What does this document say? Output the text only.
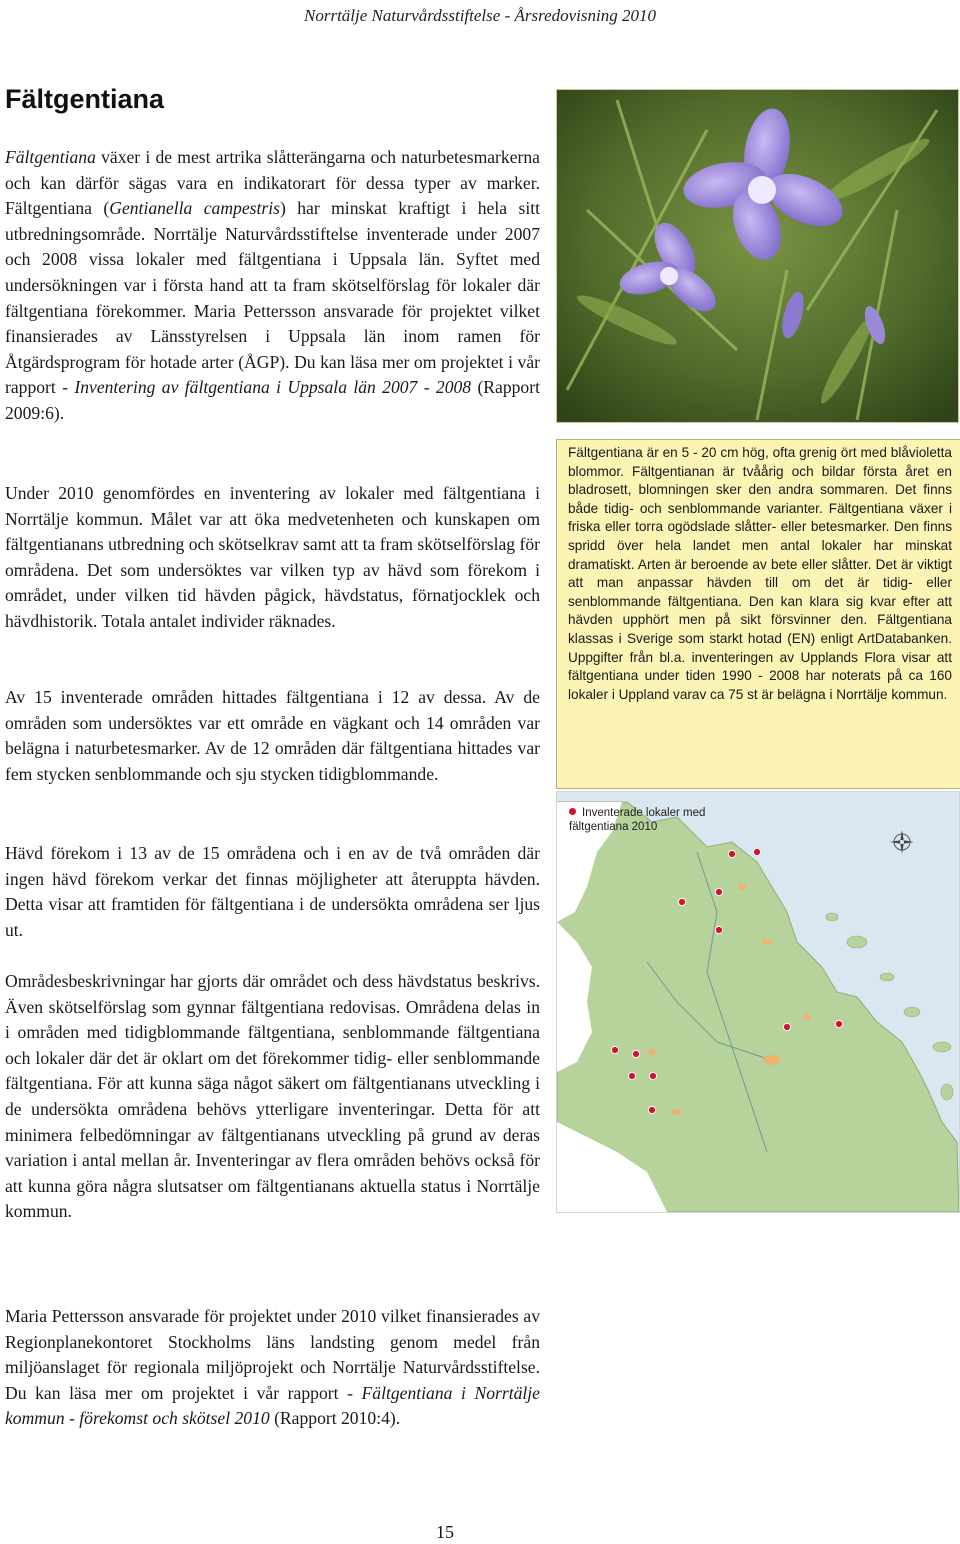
Norrtälje Naturvårdsstiftelse - Årsredovisning 2010
Fältgentiana

Fältgentiana växer i de mest artrika slåtterängarna och naturbetesmarkerna och kan därför sägas vara en indikatorart för dessa typer av marker. Fältgentiana (Gentianella campestris) har minskat kraftigt i hela sitt utbredningsområde. Norrtälje Naturvårdsstiftelse inventerade under 2007 och 2008 vissa lokaler med fältgentiana i Uppsala län. Syftet med undersökningen var i första hand att ta fram skötselförslag för lokaler där fältgentiana förekommer. Maria Pettersson ansvarade för projektet vilket finansierades av Länsstyrelsen i Uppsala län inom ramen för Åtgärdsprogram för hotade arter (ÅGP). Du kan läsa mer om projektet i vår rapport - Inventering av fältgentiana i Uppsala län 2007 - 2008 (Rapport 2009:6).

Under 2010 genomfördes en inventering av lokaler med fältgentiana i Norrtälje kommun. Målet var att öka medvetenheten och kunskapen om fältgentianans utbredning och skötselkrav samt att ta fram skötselförslag för områdena. Det som undersöktes var vilken typ av hävd som förekom i området, under vilken tid hävden pågick, hävdstatus, förnatjocklek och hävdhistorik. Totala antalet individer räknades.

Av 15 inventerade områden hittades fältgentiana i 12 av dessa. Av de områden som undersöktes var ett område en vägkant och 14 områden var belägna i naturbetesmarker. Av de 12 områden där fältgentiana hittades var fem stycken senblommande och sju stycken tidigblommande.

Hävd förekom i 13 av de 15 områdena och i en av de två områden där ingen hävd förekom verkar det finnas möjligheter att återuppta hävden. Detta visar att framtiden för fältgentiana i de undersökta områdena ser ljus ut.

Områdesbeskrivningar har gjorts där området och dess hävdstatus beskrivs. Även skötselförslag som gynnar fältgentiana redovisas. Områdena delas in i områden med tidigblommande fältgentiana, senblommande fältgentiana och lokaler där det är oklart om det förekommer tidig- eller senblommande fältgentiana. För att kunna säga något säkert om fältgentianans utveckling i de undersökta områdena behövs ytterligare inventeringar. Detta för att minimera felbedömningar av fältgentianans utveckling på grund av deras variation i antal mellan år. Inventeringar av flera områden behövs också för att kunna göra några slutsatser om fältgentianans aktuella status i Norrtälje kommun.

Maria Pettersson ansvarade för projektet under 2010 vilket finansierades av Regionplanekontoret Stockholms läns landsting genom medel från miljöanslaget för regionala miljöprojekt och Norrtälje Naturvårdsstiftelse. Du kan läsa mer om projektet i vår rapport - Fältgentiana i Norrtälje kommun - förekomst och skötsel 2010 (Rapport 2010:4).

Fältgentiana är en 5 - 20 cm hög, ofta grenig ört med blåvioletta blommor. Fältgentianan är tvåårig och bildar första året en bladrosett, blomningen sker den andra sommaren. Det finns både tidig- och senblommande varianter. Fältgentiana växer i friska eller torra ogödslade slåtter- eller betesmarker. Den finns spridd över hela landet men antal lokaler har minskat dramatiskt. Arten är beroende av bete eller slåtter. Det är viktigt att man anpassar hävden till om det är tidig- eller senblommande fältgentianа. Den kan klara sig kvar efter att hävden upphört men på sikt försvinner den. Fältgentiana klassas i Sverige som starkt hotad (EN) enligt ArtDatabanken. Uppgifter från bl.a. inventeringen av Upplands Flora visar att fältgentiana under tiden 1990 - 2008 har noterats på ca 160 lokaler i Uppland varav ca 75 st är belägna i Norrtälje kommun.
Inventerade lokaler med fältgentiana 2010
15
